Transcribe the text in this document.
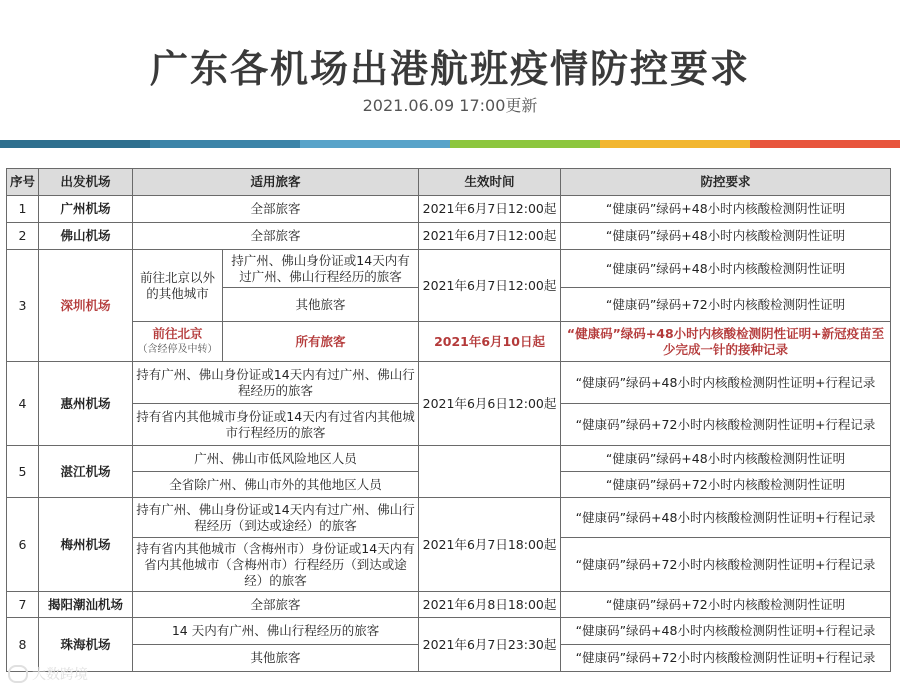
广东各机场出港航班疫情防控要求
2021.06.09 17:00更新
序号	出发机场	适用旅客		生效时间	防控要求
1	广州机场	全部旅客		2021年6月7日12:00起	“健康码”绿码+48小时内核酸检测阴性证明
2	佛山机场	全部旅客		2021年6月7日12:00起	“健康码”绿码+48小时内核酸检测阴性证明
3	深圳机场	前往北京以外的其他城市	持广州、佛山身份证或14天内有过广州、佛山行程经历的旅客	2021年6月7日12:00起	“健康码”绿码+48小时内核酸检测阴性证明
			其他旅客		“健康码”绿码+72小时内核酸检测阴性证明

		前往北京
（含经停及中转）	所有旅客	2021年6月10日起	“健康码”绿码+48小时内核酸检测阴性证明+新冠疫苗至少完成一针的接种记录
4	惠州机场	持有广州、佛山身份证或14天内有过广州、佛山行程经历的旅客		2021年6月6日12:00起	“健康码”绿码+48小时内核酸检测阴性证明+行程记录
		持有省内其他城市身份证或14天内有过省内其他城市行程经历的旅客			“健康码”绿码+72小时内核酸检测阴性证明+行程记录
5	湛江机场	广州、佛山市低风险地区人员			“健康码”绿码+48小时内核酸检测阴性证明
		全省除广州、佛山市外的其他地区人员			“健康码”绿码+72小时内核酸检测阴性证明
6	梅州机场	持有广州、佛山身份证或14天内有过广州、佛山行程经历（到达或途经）的旅客		2021年6月7日18:00起	“健康码”绿码+48小时内核酸检测阴性证明+行程记录
		持有省内其他城市（含梅州市）身份证或14天内有省内其他城市（含梅州市）行程经历（到达或途经）的旅客			“健康码”绿码+72小时内核酸检测阴性证明+行程记录
7	揭阳潮汕机场	全部旅客		2021年6月8日18:00起	“健康码”绿码+72小时内核酸检测阴性证明
8	珠海机场	14 天内有广州、佛山行程经历的旅客		2021年6月7日23:30起	“健康码”绿码+48小时内核酸检测阴性证明+行程记录
		其他旅客			“健康码”绿码+72小时内核酸检测阴性证明+行程记录
大数跨境
